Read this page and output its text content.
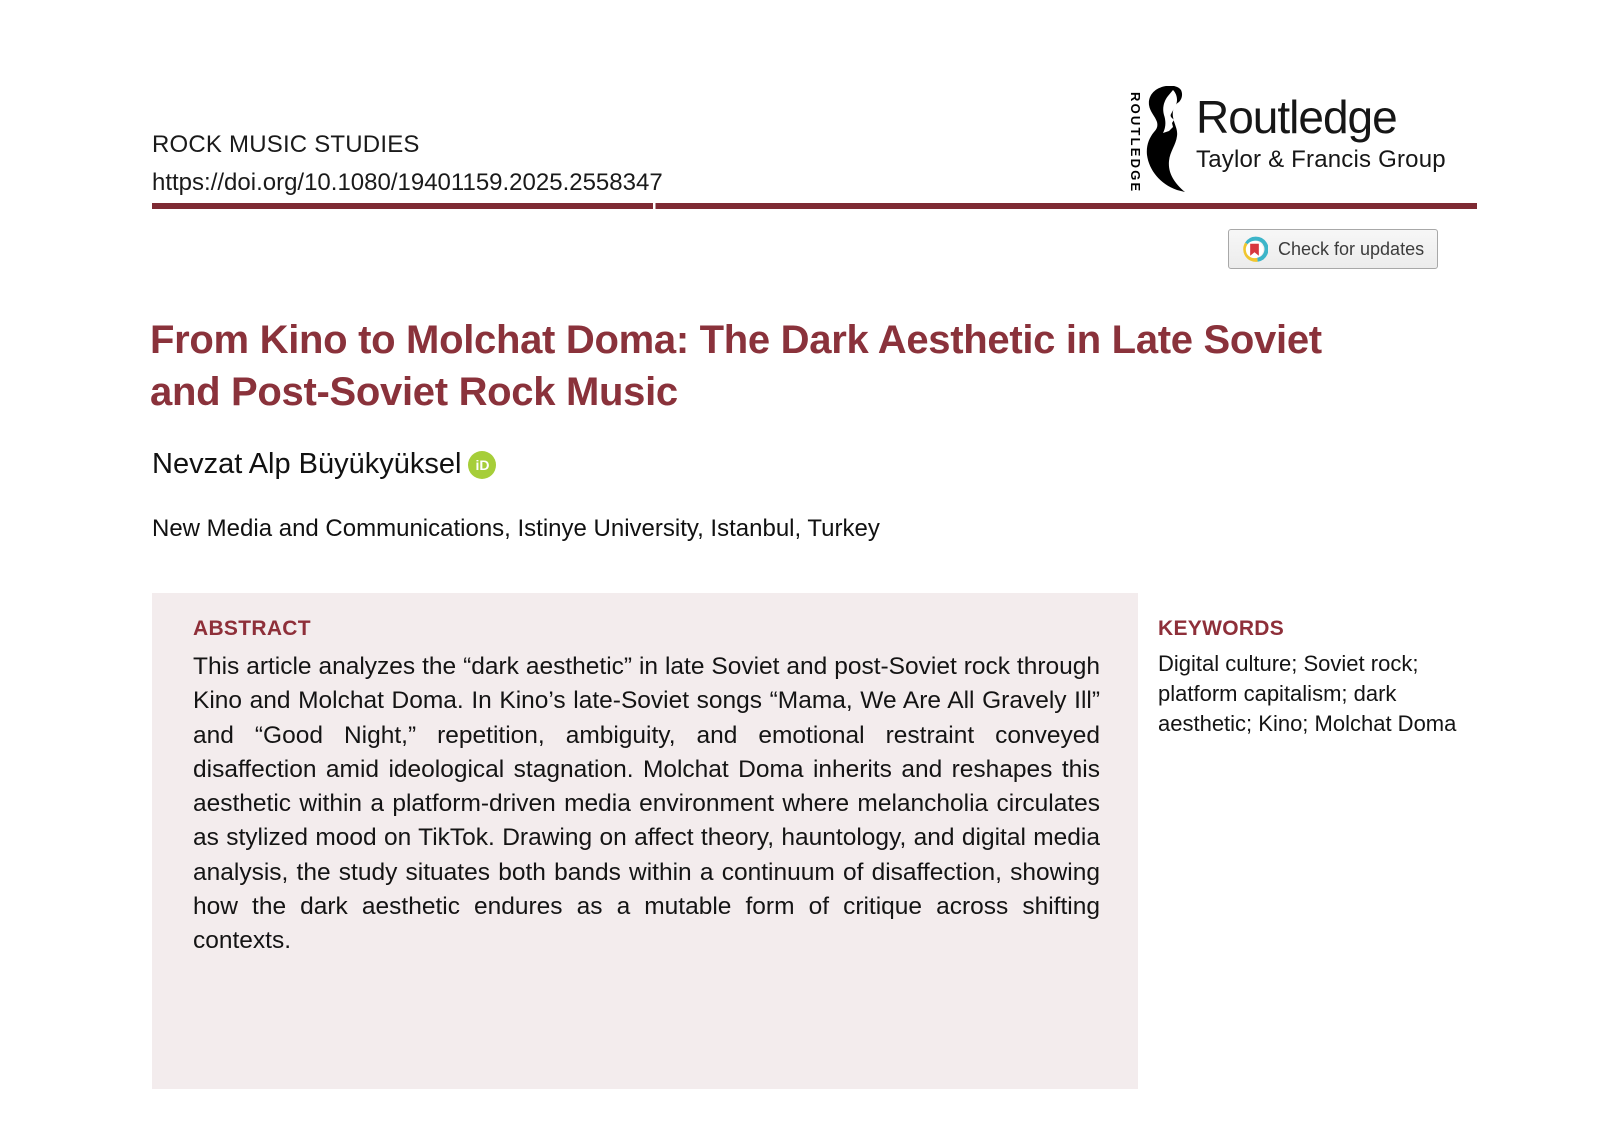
ROCK MUSIC STUDIES
https://doi.org/10.1080/19401159.2025.2558347	ROUTLEDGE Routledge
Taylor & Francis Group
Check for updates
From Kino to Molchat Doma: The Dark Aesthetic in Late Soviet and Post-Soviet Rock Music
Nevzat Alp Büyükyüksel	iD
New Media and Communications, Istinye University, Istanbul, Turkey
ABSTRACT
This article analyzes the “dark aesthetic” in late Soviet and post-Soviet rock through Kino and Molchat Doma. In Kino’s late-Soviet songs “Mama, We Are All Gravely Ill” and “Good Night,” repetition, ambiguity, and emotional restraint conveyed disaffection amid ideological stagnation. Molchat Doma inherits and reshapes this aesthetic within a platform-driven media environment where melancholia circulates as stylized mood on TikTok. Drawing on affect theory, hauntology, and digital media analysis, the study situates both bands within a continuum of disaffection, showing how the dark aesthetic endures as a mutable form of critique across shifting contexts.
KEYWORDS
Digital culture; Soviet rock; platform capitalism; dark aesthetic; Kino; Molchat Doma
